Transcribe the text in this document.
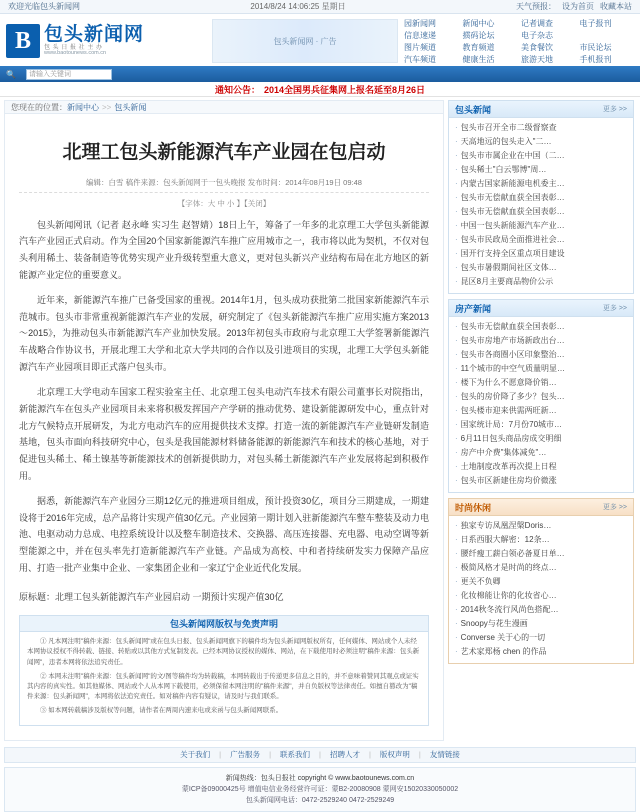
欢迎光临包头新闻网	2014/8/24 14:06:25 星期日	天气预报： 设为首页 收藏本站
B 包头新闻网
包 头 日 报 社 主 办
www.baotounews.com.cn
包头新闻网 · 广告
园新闻网	新闻中心	记者调查	电子报刊
信息速递	掼码论坛	电子杂志
图片频道	教育频道	美食餐饮	市民论坛
汽车频道	健康生活	旅游天地	手机报刊
🔍 请输入关键词
通知公告： 2014全国男兵征集网上报名延至8月26日
您现在的位置： 新闻中心 >> 包头新闻
北理工包头新能源汽车产业园在包启动
编辑：白雪 稿件来源：包头新闻网于一包头晚报 发布时间：2014年08月19日 09:48
【字体：大 中 小 】【关闭】

包头新闻网讯（记者 赵永峰 实习生 赵智婧）18日上午，筹备了一年多的北京理工大学包头新能源汽车产业园正式启动。作为全国20个国家新能源汽车推广应用城市之一，我市将以此为契机，不仅对包头利用稀土、装备制造等优势实现产业升级转型重大意义，更对包头新兴产业结构布局在北方地区的新能源产业定位的重要意义。

近年来，新能源汽车推广已备受国家的重视。2014年1月，包头成功获批第二批国家新能源汽车示范城市。包头市非常重视新能源汽车产业的发展，研究制定了《包头新能源汽车推广应用实施方案2013～2015》，为推动包头市新能源汽车产业加快发展。2013年初包头市政府与北京理工大学签署新能源汽车战略合作协议书，开展北理工大学和北京大学共同的合作以及引进项目的实现，北理工大学包头新能源汽车产业园项目即正式落户包头市。

北京理工大学电动车国家工程实验室主任、北京理工包头电动汽车技术有限公司董事长对院指出，新能源汽车在包头产业园项目未来将积极发挥国产产学研的推动优势、建设新能源研发中心，重点针对北方气候特点开展研发，为北方电动汽车的应用提供技术支撑。打造一流的新能源汽车产业链研发制造基地，包头市面向科技研究中心，包头是我国能源材料储备能源的新能源汽车和技术的核心基地，对于促进包头稀土、稀土镍基等新能源技术的创新提供助力，对包头稀土新能源汽车产业发展将起到积极作用。

据悉，新能源汽车产业园分三期12亿元的推进项目组成，预计投资30亿，项目分三期建成，一期建设将于2016年完成，总产品将计实现产值30亿元。产业园第一期计划入驻新能源汽车整车整装及动力电池、电驱动动力总成、电控系统设计以及整车制造技术、交换器、高压连接器、充电器、电动空调等新型能源之中，并在包头率先打造新能源汽车产业链。产品成为高校、中和者持续研发实力保障产品应用、打造一批产业集中企业、一家集团企业和一家辽宁企业近代化发展。

原标题：北理工包头新能源汽车产业园启动 一期预计实现产值30亿
包头新闻网版权与免责声明

① 凡本网注明"稿件来源：包头新闻网"或在包头日报、包头新闻网旗下的稿件均为包头新闻网版权所有，任何媒体、网站或个人未经本网协议授权不得转载、链接、转贴或以其他方式复制发表。已经本网协议授权的媒体、网站，在下载使用时必须注明"稿件来源：包头新闻网"，违者本网将依法追究责任。

② 本网未注明"稿件来源：包头新闻网"的文/图等稿件均为转载稿，本网转载出于传递更多信息之目的，并不意味着赞同其观点或证实其内容的真实性。如其他媒体、网站或个人从本网下载使用，必须保留本网注明的"稿件来源"，并自负版权等法律责任。如擅自篡改为"稿件来源：包头新闻网"，本网将依法追究责任。如对稿件内容有疑议，请及时与我们联系。

③ 如本网转载稿涉及版权等问题，请作者在两周内速来电或来函与包头新闻网联系。

包头新闻	更多 >>
· 包头市召开全市二级督察查
· 天高地远的包头走入"二…
· 包头市市属企业在中国（二…
· 包头稀土"白云鄂博"周…
· 内蒙古国家新能源电机委主…
· 包头市无偿献血获全国表彰…
· 包头市无偿献血获全国表彰…
· 中国一包头新能源汽车产业…
· 包头市民政局全面推进社会…
· 国开行支持全区重点项目建设
· 包头市暑假期间社区文体…
· 昆区8月主要商品物价公示
房产新闻	更多 >>
· 包头市无偿献血获全国表彰…
· 包头市房地产市场新政出台…
· 包头市各商圈小区印象整治…
· 11个城市的中空气质量明显…
· 楼下为什么不愿意降价销…
· 包头的房价降了多少？包头…
· 包头楼市迎来供需两旺新…
· 国家统计局：7月份70城市…
· 6月11日包头商品房成交明细
· 房产中介费"集体减免"…
· 土地制度改革再次提上日程
· 包头市区新建住房均价微涨
时尚休闲	更多 >>
· 独家专访凤凰涅槃Doris…
· 日系西服大解密：12条…
· 腰纤瘦工薪白领必备夏日单…
· 极简风格才是时尚的终点…
· 更关不负卿
· 化妆棉能让你的化妆省心…
· 2014秋冬流行风尚色搭配…
· Snoopy与花生漫画
· Converse 关于心的一切
· 艺术家郑杨 chen 的作品
关于我们 | 广告服务 | 联系我们 | 招聘人才 | 版权声明 | 友情链接
新闻热线：包头日报社 copyright © www.baotounews.com.cn
蒙ICP备09000425号 增值电信业务经营许可证：蒙B2-20080908 蒙网安15020330050002
包头新闻网电话：0472-2529240 0472-2529249
